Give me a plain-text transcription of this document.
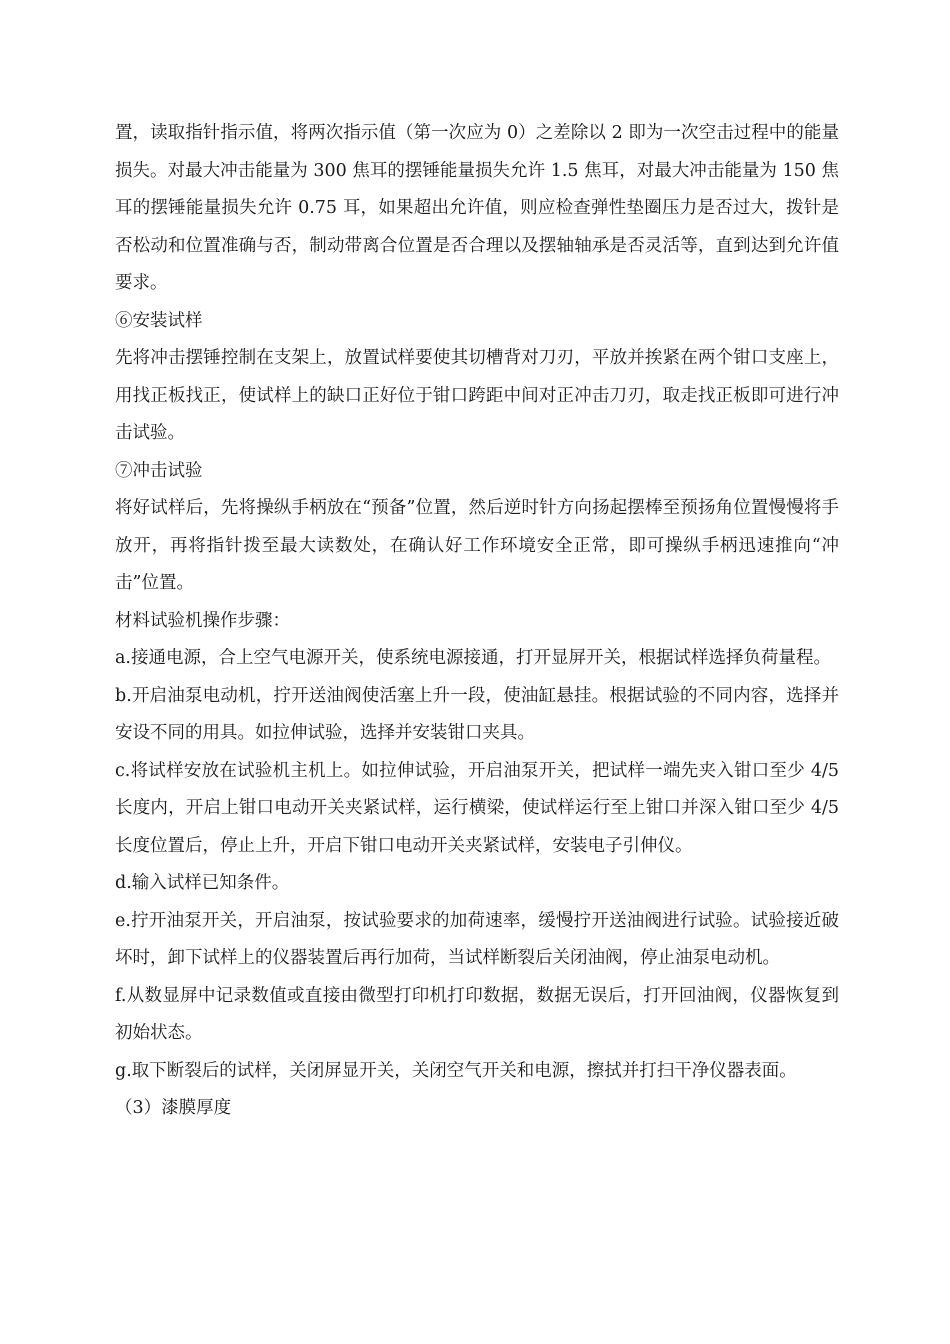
置，读取指针指示值，将两次指示值（第一次应为 0）之差除以 2 即为一次空击过程中的能量损失。对最大冲击能量为 300 焦耳的摆锤能量损失允许 1.5 焦耳，对最大冲击能量为 150 焦耳的摆锤能量损失允许 0.75 耳，如果超出允许值，则应检查弹性垫圈压力是否过大，拨针是否松动和位置准确与否，制动带离合位置是否合理以及摆轴轴承是否灵活等，直到达到允许值要求。

⑥安装试样

先将冲击摆锤控制在支架上，放置试样要使其切槽背对刀刃，平放并挨紧在两个钳口支座上，用找正板找正，使试样上的缺口正好位于钳口跨距中间对正冲击刀刃，取走找正板即可进行冲击试验。

⑦冲击试验

将好试样后，先将操纵手柄放在“预备”位置，然后逆时针方向扬起摆棒至预扬角位置慢慢将手放开，再将指针拨至最大读数处，在确认好工作环境安全正常，即可操纵手柄迅速推向“冲击”位置。

材料试验机操作步骤：

a.接通电源，合上空气电源开关，使系统电源接通，打开显屏开关，根据试样选择负荷量程。

b.开启油泵电动机，拧开送油阀使活塞上升一段，使油缸悬挂。根据试验的不同内容，选择并安设不同的用具。如拉伸试验，选择并安装钳口夹具。

c.将试样安放在试验机主机上。如拉伸试验，开启油泵开关，把试样一端先夹入钳口至少 4/5 长度内，开启上钳口电动开关夹紧试样，运行横梁，使试样运行至上钳口并深入钳口至少 4/5 长度位置后，停止上升，开启下钳口电动开关夹紧试样，安装电子引伸仪。

d.输入试样已知条件。

e.拧开油泵开关，开启油泵，按试验要求的加荷速率，缓慢拧开送油阀进行试验。试验接近破坏时，卸下试样上的仪器装置后再行加荷，当试样断裂后关闭油阀，停止油泵电动机。

f.从数显屏中记录数值或直接由微型打印机打印数据，数据无误后，打开回油阀，仪器恢复到初始状态。

g.取下断裂后的试样，关闭屏显开关，关闭空气开关和电源，擦拭并打扫干净仪器表面。

（3）漆膜厚度
